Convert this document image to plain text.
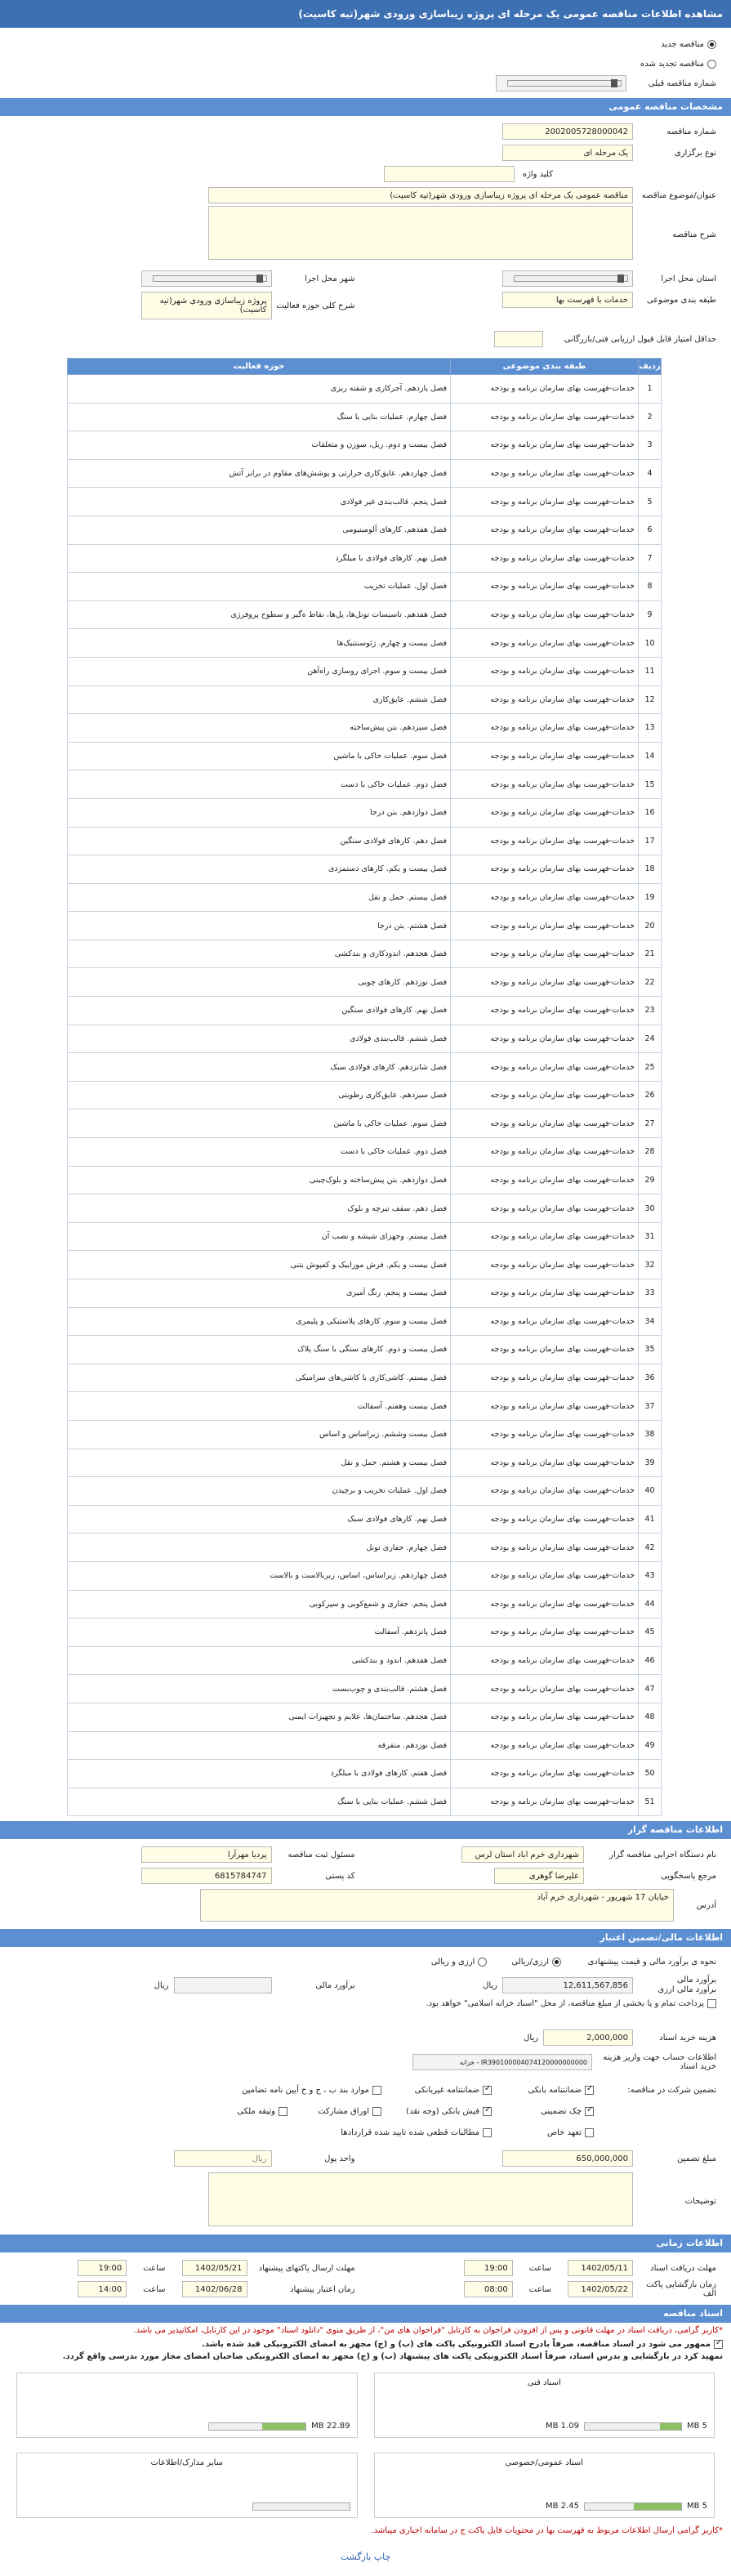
مشاهده اطلاعات مناقصه عمومی یک مرحله ای پروژه زیباسازی ورودی شهر(تیه کاسیت)
مناقصه جدید
مناقصه تجدید شده
شماره مناقصه قبلی
مشخصات مناقصه عمومی
شماره مناقصه
2002005728000042
نوع برگزاری
یک مرحله ای
کلید واژه
عنوان/موضوع مناقصه
مناقصه عمومی یک مرحله ای پروژه زیباسازی ورودی شهر(تیه کاسیت)
شرح مناقصه
استان محل اجرا
طبقه بندی موضوعی
خدمات با فهرست بها
شهر محل اجرا
شرح کلی حوزه فعالیت
پروژه زیباسازی ورودی شهر(تیه کاسیت)
حداقل امتیاز قابل قبول ارزیابی فنی/بازرگانی
ردیف	طبقه بندی موضوعی	حوزه فعالیت
1	خدمات-فهرست بهای سازمان برنامه و بودجه	فصل یازدهم. آجرکاری و شفته ریزی
2	خدمات-فهرست بهای سازمان برنامه و بودجه	فصل چهارم. عملیات بنایی با سنگ
3	خدمات-فهرست بهای سازمان برنامه و بودجه	فصل بیست و دوم. ریل، سوزن و متعلقات
4	خدمات-فهرست بهای سازمان برنامه و بودجه	فصل چهاردهم. عایق‌کاری حرارتی و پوشش‌های مقاوم در برابر آتش
5	خدمات-فهرست بهای سازمان برنامه و بودجه	فصل پنجم. قالب‌بندی غیر فولادی
6	خدمات-فهرست بهای سازمان برنامه و بودجه	فصل هفدهم. کارهای آلومینیومی
7	خدمات-فهرست بهای سازمان برنامه و بودجه	فصل نهم. کارهای فولادی با میلگرد
8	خدمات-فهرست بهای سازمان برنامه و بودجه	فصل اول. عملیات تخریب
9	خدمات-فهرست بهای سازمان برنامه و بودجه	فصل هفدهم. تاسیسات تونل‌ها، پل‌ها، نقاط ه‌گیر و سطوح پروفرژی
10	خدمات-فهرست بهای سازمان برنامه و بودجه	فصل بیست و چهارم. ژئوسنتتیک‌ها
11	خدمات-فهرست بهای سازمان برنامه و بودجه	فصل بیست و سوم. اجرای روسازی راه‌آهن
12	خدمات-فهرست بهای سازمان برنامه و بودجه	فصل ششم. عایق‌کاری
13	خدمات-فهرست بهای سازمان برنامه و بودجه	فصل سیزدهم. بتن پیش‌ساخته
14	خدمات-فهرست بهای سازمان برنامه و بودجه	فصل سوم. عملیات خاکی با ماشین
15	خدمات-فهرست بهای سازمان برنامه و بودجه	فصل دوم. عملیات خاکی با دست
16	خدمات-فهرست بهای سازمان برنامه و بودجه	فصل دوازدهم. بتن درجا
17	خدمات-فهرست بهای سازمان برنامه و بودجه	فصل دهم. کارهای فولادی سنگین
18	خدمات-فهرست بهای سازمان برنامه و بودجه	فصل بیست و یکم. کارهای دستمزدی
19	خدمات-فهرست بهای سازمان برنامه و بودجه	فصل بیستم. حمل و نقل
20	خدمات-فهرست بهای سازمان برنامه و بودجه	فصل هشتم. بتن درجا
21	خدمات-فهرست بهای سازمان برنامه و بودجه	فصل هجدهم. اندودکاری و بندکشی
22	خدمات-فهرست بهای سازمان برنامه و بودجه	فصل نوزدهم. کارهای چوبی
23	خدمات-فهرست بهای سازمان برنامه و بودجه	فصل نهم. کارهای فولادی سنگین
24	خدمات-فهرست بهای سازمان برنامه و بودجه	فصل ششم. قالب‌بندی فولادی
25	خدمات-فهرست بهای سازمان برنامه و بودجه	فصل شانزدهم. کارهای فولادی سبک
26	خدمات-فهرست بهای سازمان برنامه و بودجه	فصل سیزدهم. عایق‌کاری رطوبتی
27	خدمات-فهرست بهای سازمان برنامه و بودجه	فصل سوم. عملیات خاکی با ماشین
28	خدمات-فهرست بهای سازمان برنامه و بودجه	فصل دوم. عملیات خاکی با دست
29	خدمات-فهرست بهای سازمان برنامه و بودجه	فصل دوازدهم. بتن پیش‌ساخته و بلوک‌چینی
30	خدمات-فهرست بهای سازمان برنامه و بودجه	فصل دهم. سقف تیرچه و بلوک
31	خدمات-فهرست بهای سازمان برنامه و بودجه	فصل بیستم. وجهزای شیشه و نصب آن
32	خدمات-فهرست بهای سازمان برنامه و بودجه	فصل بیست و یکم. فرش موزاییک و کفپوش بتنی
33	خدمات-فهرست بهای سازمان برنامه و بودجه	فصل بیست و پنجم. رنگ آمیزی
34	خدمات-فهرست بهای سازمان برنامه و بودجه	فصل بیست و سوم. کارهای پلاستیکی و پلیمری
35	خدمات-فهرست بهای سازمان برنامه و بودجه	فصل بیست و دوم. کارهای سنگی با سنگ پلاک
36	خدمات-فهرست بهای سازمان برنامه و بودجه	فصل بیستم. کاشی‌کاری با کاشی‌های سرامیکی
37	خدمات-فهرست بهای سازمان برنامه و بودجه	فصل بیست وهفتم. آسفالت
38	خدمات-فهرست بهای سازمان برنامه و بودجه	فصل بیست وششم. زیراساس و اساس
39	خدمات-فهرست بهای سازمان برنامه و بودجه	فصل بیست و هشتم. حمل و نقل
40	خدمات-فهرست بهای سازمان برنامه و بودجه	فصل اول. عملیات تخریب و برچیدن
41	خدمات-فهرست بهای سازمان برنامه و بودجه	فصل نهم. کارهای فولادی سبک
42	خدمات-فهرست بهای سازمان برنامه و بودجه	فصل چهارم. حفاری تونل
43	خدمات-فهرست بهای سازمان برنامه و بودجه	فصل چهاردهم. زیراساس، اساس، زیربالاست و بالاست
44	خدمات-فهرست بهای سازمان برنامه و بودجه	فصل پنجم. حفاری و شمع‌کوبی و سپرکوبی
45	خدمات-فهرست بهای سازمان برنامه و بودجه	فصل پانزدهم. آسفالت
46	خدمات-فهرست بهای سازمان برنامه و بودجه	فصل هفدهم. اندود و بندکشی
47	خدمات-فهرست بهای سازمان برنامه و بودجه	فصل هشتم. قالب‌بندی و چوب‌بست
48	خدمات-فهرست بهای سازمان برنامه و بودجه	فصل هجدهم. ساختمان‌ها، علایم و تجهیزات ایمنی
49	خدمات-فهرست بهای سازمان برنامه و بودجه	فصل نوزدهم. متفرقه
50	خدمات-فهرست بهای سازمان برنامه و بودجه	فصل هفتم. کارهای فولادی با میلگرد
51	خدمات-فهرست بهای سازمان برنامه و بودجه	فصل ششم. عملیات بنایی با سنگ
اطلاعات مناقصه گزار
نام دستگاه اجرایی مناقصه گزار
شهرداری خرم اباد استان لرس
مرجع پاسخگویی
علیرضا گوهری
مسئول ثبت مناقصه
پردیا مهرآرا
کد پستی
6815784747
آدرس
خیابان 17 شهریور - شهرداری خرم آباد
اطلاعات مالی/تضمین اعتبار
نحوه ی برآورد مالی و قیمت پیشنهادی
ارزی/ریالی
ارزی و ریالی
برآورد مالی
برآورد مالی ارزی
12,611,567,856
ریال
برآورد مالی
ریال
پرداخت تمام و یا بخشی از مبلغ مناقصه، از محل "اسناد خزانه اسلامی" خواهد بود.
هزینه خرید اسناد
2,000,000
ریال
اطلاعات حساب جهت واریز هزینه خرید اسناد
IR390100004074120000000000 - خزانه
تضمین شرکت در مناقصه:
✓
ضمانتنامه بانکی
✓
ضمانتنامه غیربانکی
موارد بند ب ، ج و ح آیین نامه تضامین
✓
چک تضمینی
✓
فیش بانکی (وجه نقد)
اوراق مشارکت
وثیقه ملکی
تعهد خاص
مطالبات قطعی شده تایید شده قراردادها
مبلغ تضمین
650,000,000
واحد پول
ریال
توضیحات
اطلاعات زمانی
مهلت دریافت اسناد
1402/05/11
ساعت
19:00
زمان بازگشایی پاکت الف
1402/05/22
ساعت
08:00
مهلت ارسال پاکتهای پیشنهاد
1402/05/21
ساعت
19:00
زمان اعتبار پیشنهاد
1402/06/28
ساعت
14:00
اسناد مناقصه
*کاربر گرامی، دریافت اسناد در مهلت قانونی و پس از افزودن فراخوان به کارتابل "فراخوان های من"، از طریق منوی "دانلود اسناد" موجود در این کارتابل، امکانپذیر می باشد.
✓
ممهور می شود در اسناد مناقصه، صرفاً بادرج اسناد الکترونیکی پاکت های (ب) و (ج) مجهز به امضای الکترونیکی قید شده باشد.
تمهید کرد در بارگشایی و بدرس اسناد، صرفاً اسناد الکترونیکی پاکت های پیشنهاد (ب) و (ج) مجهز به امضای الکترونیکی صاحبان امضای مجاز مورد بدرسی واقع گردد.
اسناد فنی
5 MB
1.09 MB
22.89 MB
اسناد عمومی/خصوصی
5 MB
2.45 MB
سایر مدارک/اطلاعات
*کاربر گرامی ارسال اطلاعات مربوط به فهرست بها در محتویات فایل پاکت ج در سامانه اجباری میباشد.
چاپ بازگشت
